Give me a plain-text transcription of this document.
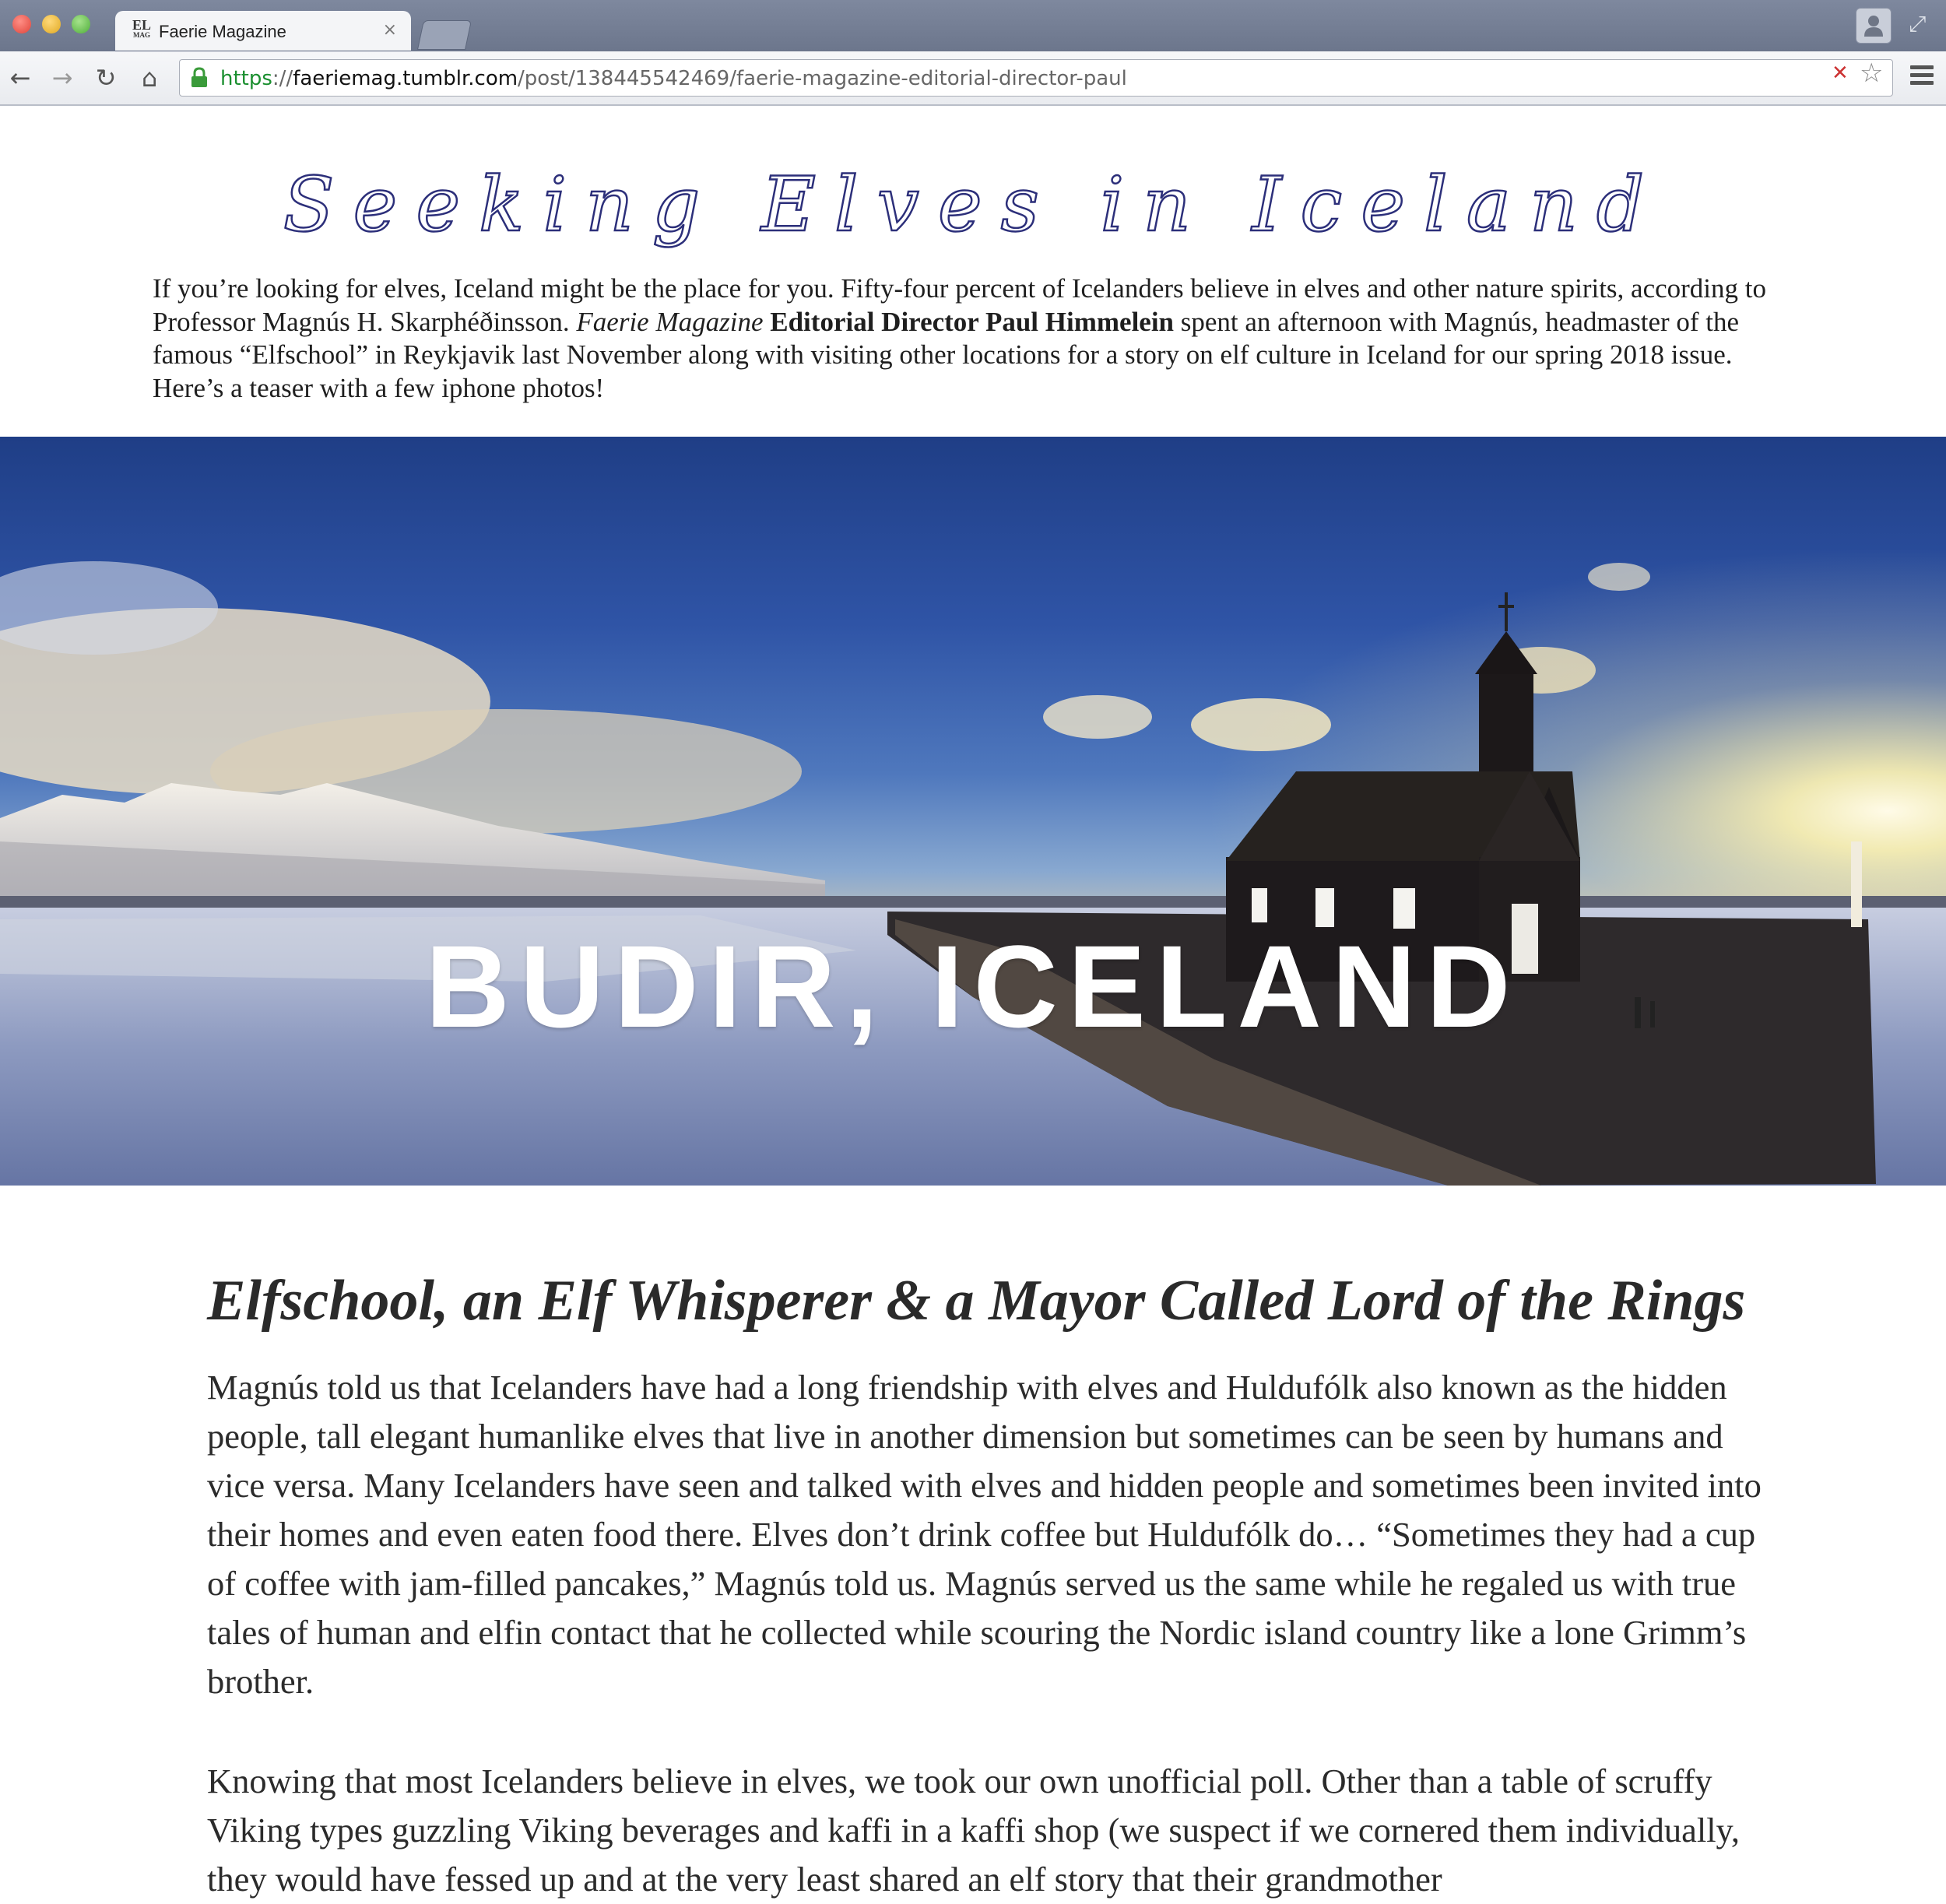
EL
MAG Faerie Magazine	×	⤢
← → ↻ ⌂	https://faeriemag.tumblr.com/post/138445542469/faerie-magazine-editorial-director-paul	✕ ☆
Seeking Elves in Iceland
If you’re looking for elves, Iceland might be the place for you. Fifty-four percent of Icelanders believe in elves and other nature spirits, according to Professor Magnús H. Skarphéðinsson. Faerie Magazine Editorial Director Paul Himmelein spent an afternoon with Magnús, headmaster of the famous “Elfschool” in Reykjavik last November along with visiting other locations for a story on elf culture in Iceland for our spring 2018 issue. Here’s a teaser with a few iphone photos!
BUDIR, ICELAND
Elfschool, an Elf Whisperer & a Mayor Called Lord of the Rings

Magnús told us that Icelanders have had a long friendship with elves and Huldufólk also known as the hidden people, tall elegant humanlike elves that live in another dimension but sometimes can be seen by humans and vice versa. Many Icelanders have seen and talked with elves and hidden people and sometimes been invited into their homes and even eaten food there. Elves don’t drink coffee but Huldufólk do… “Sometimes they had a cup of coffee with jam-filled pancakes,” Magnús told us. Magnús served us the same while he regaled us with true tales of human and elfin contact that he collected while scouring the Nordic island country like a lone Grimm’s brother.

Knowing that most Icelanders believe in elves, we took our own unofficial poll. Other than a table of scruffy Viking types guzzling Viking beverages and kaffi in a kaffi shop (we suspect if we cornered them individually, they would have fessed up and at the very least shared an elf story that their grandmother
